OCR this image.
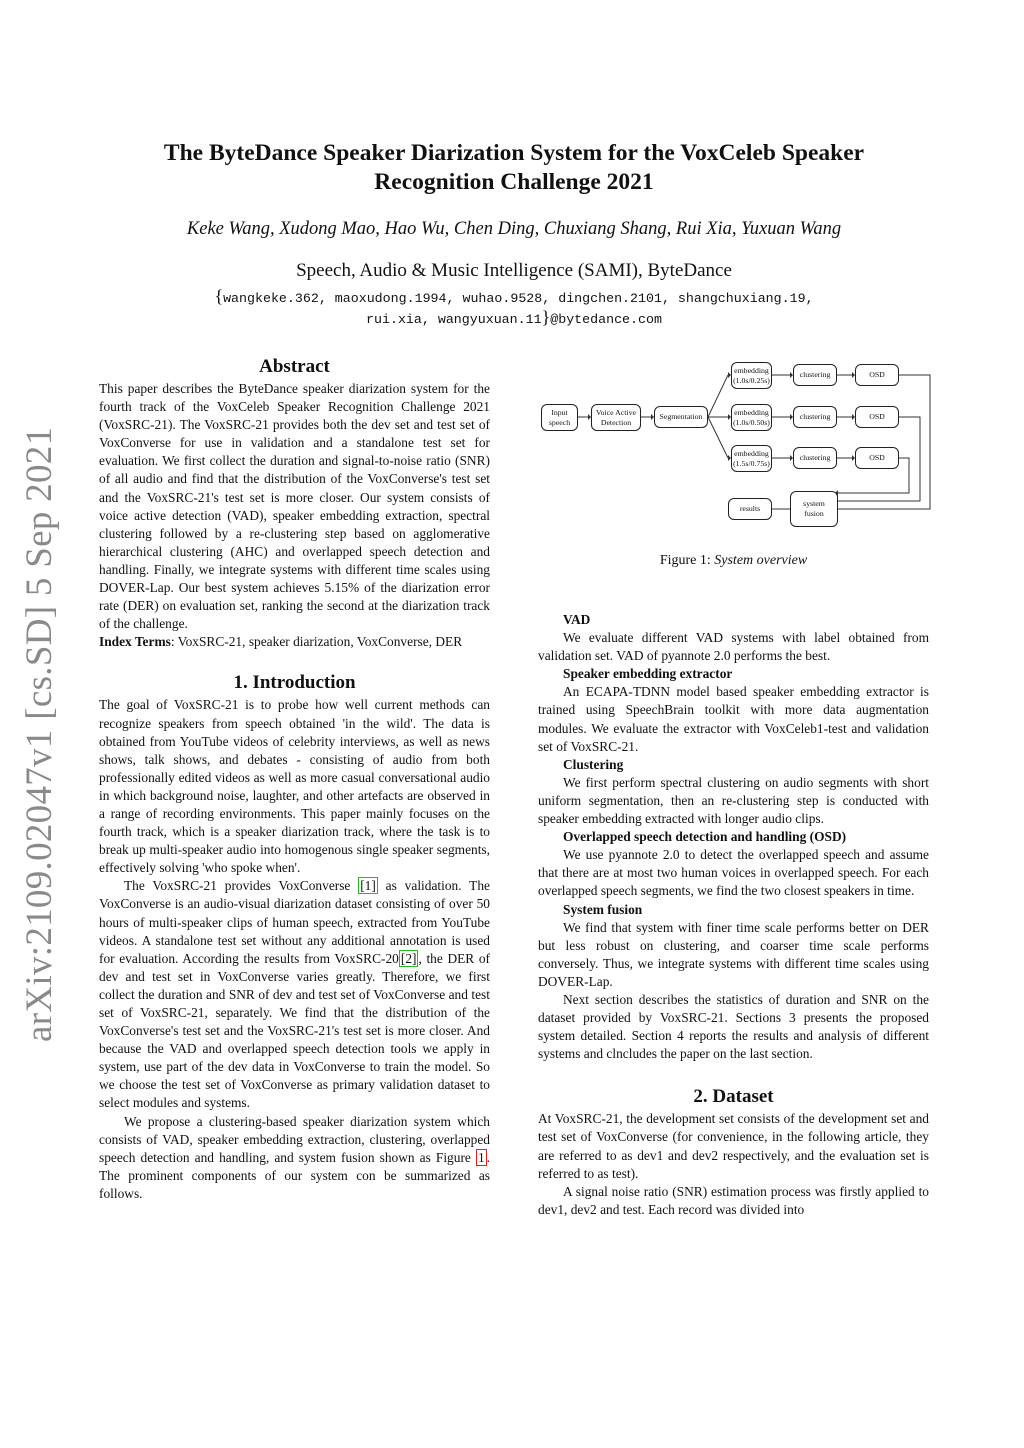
arXiv:2109.02047v1 [cs.SD] 5 Sep 2021
The ByteDance Speaker Diarization System for the VoxCeleb Speaker
Recognition Challenge 2021
Keke Wang, Xudong Mao, Hao Wu, Chen Ding, Chuxiang Shang, Rui Xia, Yuxuan Wang
Speech, Audio & Music Intelligence (SAMI), ByteDance
{wangkeke.362, maoxudong.1994, wuhao.9528, dingchen.2101, shangchuxiang.19,
rui.xia, wangyuxuan.11}@bytedance.com
Abstract

This paper describes the ByteDance speaker diarization system for the fourth track of the VoxCeleb Speaker Recognition Challenge 2021 (VoxSRC-21). The VoxSRC-21 provides both the dev set and test set of VoxConverse for use in validation and a standalone test set for evaluation. We first collect the duration and signal-to-noise ratio (SNR) of all audio and find that the distribution of the VoxConverse's test set and the VoxSRC-21's test set is more closer. Our system consists of voice active detection (VAD), speaker embedding extraction, spectral clustering followed by a re-clustering step based on agglomerative hierarchical clustering (AHC) and overlapped speech detection and handling. Finally, we integrate systems with different time scales using DOVER-Lap. Our best system achieves 5.15% of the diarization error rate (DER) on evaluation set, ranking the second at the diarization track of the challenge.

Index Terms: VoxSRC-21, speaker diarization, VoxConverse, DER

1. Introduction

The goal of VoxSRC-21 is to probe how well current methods can recognize speakers from speech obtained 'in the wild'. The data is obtained from YouTube videos of celebrity interviews, as well as news shows, talk shows, and debates - consisting of audio from both professionally edited videos as well as more casual conversational audio in which background noise, laughter, and other artefacts are observed in a range of recording environments. This paper mainly focuses on the fourth track, which is a speaker diarization track, where the task is to break up multi-speaker audio into homogenous single speaker segments, effectively solving 'who spoke when'.

The VoxSRC-21 provides VoxConverse [1] as validation. The VoxConverse is an audio-visual diarization dataset consisting of over 50 hours of multi-speaker clips of human speech, extracted from YouTube videos. A standalone test set without any additional annotation is used for evaluation. According the results from VoxSRC-20 [2] , the DER of dev and test set in VoxConverse varies greatly. Therefore, we first collect the duration and SNR of dev and test set of VoxConverse and test set of VoxSRC-21, separately. We find that the distribution of the VoxConverse's test set and the VoxSRC-21's test set is more closer. And because the VAD and overlapped speech detection tools we apply in system, use part of the dev data in VoxConverse to train the model. So we choose the test set of VoxConverse as primary validation dataset to select modules and systems.

We propose a clustering-based speaker diarization system which consists of VAD, speaker embedding extraction, clustering, overlapped speech detection and handling, and system fusion shown as Figure 1 . The prominent components of our system con be summarized as follows.

Input
speech
Voice Active
Detection
Segmentation
embedding
(1.0s/0.25s)
embedding
(1.0s/0.50s)
embedding
(1.5s/0.75s)
clustering
clustering
clustering
OSD
OSD
OSD
results
system
fusion
Figure 1: System overview

VAD

We evaluate different VAD systems with label obtained from validation set. VAD of pyannote 2.0 performs the best.

Speaker embedding extractor

An ECAPA-TDNN model based speaker embedding extractor is trained using SpeechBrain toolkit with more data augmentation modules. We evaluate the extractor with VoxCeleb1-test and validation set of VoxSRC-21.

Clustering

We first perform spectral clustering on audio segments with short uniform segmentation, then an re-clustering step is conducted with speaker embedding extracted with longer audio clips.

Overlapped speech detection and handling (OSD)

We use pyannote 2.0 to detect the overlapped speech and assume that there are at most two human voices in overlapped speech. For each overlapped speech segments, we find the two closest speakers in time.

System fusion

We find that system with finer time scale performs better on DER but less robust on clustering, and coarser time scale performs conversely. Thus, we integrate systems with different time scales using DOVER-Lap.

Next section describes the statistics of duration and SNR on the dataset provided by VoxSRC-21. Sections 3 presents the proposed system detailed. Section 4 reports the results and analysis of different systems and clncludes the paper on the last section.

2. Dataset

At VoxSRC-21, the development set consists of the development set and test set of VoxConverse (for convenience, in the following article, they are referred to as dev1 and dev2 respectively, and the evaluation set is referred to as test).

A signal noise ratio (SNR) estimation process was firstly applied to dev1, dev2 and test. Each record was divided into
